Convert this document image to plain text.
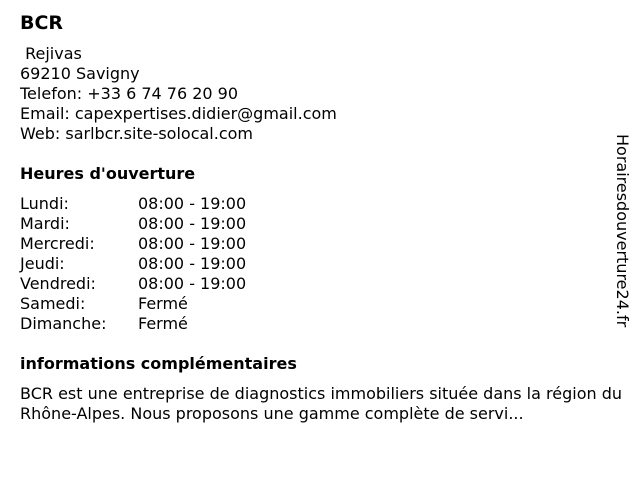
BCR
Rejivas
69210 Savigny
Telefon: +33 6 74 76 20 90
Email: capexpertises.didier@gmail.com
Web: sarlbcr.site-solocal.com
Heures d'ouverture
Lundi:	08:00 - 19:00
Mardi:	08:00 - 19:00
Mercredi:	08:00 - 19:00
Jeudi:	08:00 - 19:00
Vendredi:	08:00 - 19:00
Samedi:	Fermé
Dimanche:	Fermé
informations complémentaires

BCR est une entreprise de diagnostics immobiliers située dans la région du Rhône-Alpes. Nous proposons une gamme complète de servi...

Horairesdouverture24.fr
